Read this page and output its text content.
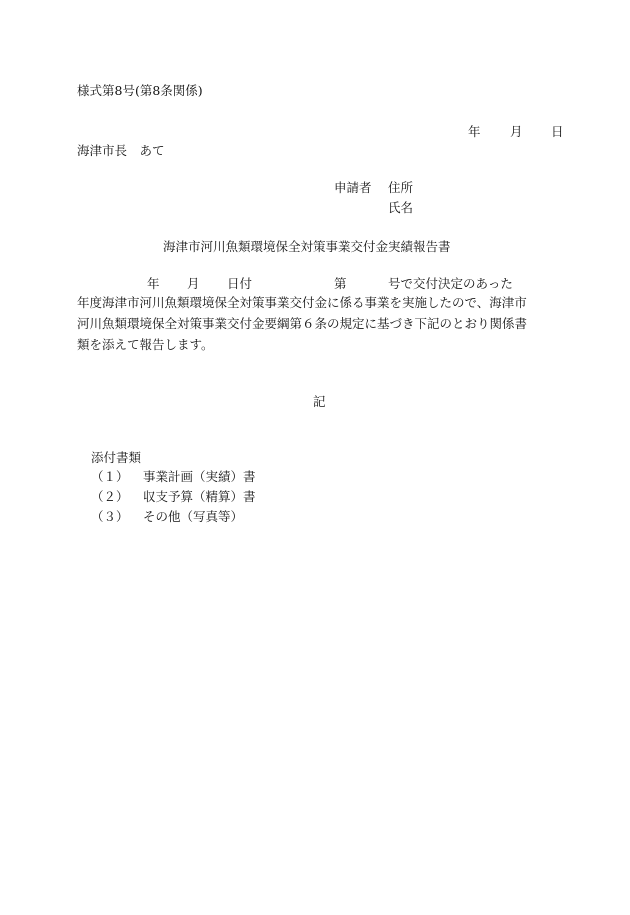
様式第8号(第8条関係)
年 月 日
海津市長　あて
申請者 住所
氏名
海津市河川魚類環境保全対策事業交付金実績報告書
年 月 日付	第	号で交付決定のあった
年度海津市河川魚類環境保全対策事業交付金に係る事業を実施したので、海津市
河川魚類環境保全対策事業交付金要綱第６条の規定に基づき下記のとおり関係書
類を添えて報告します。
記
添付書類
（１） 事業計画（実績）書
（２） 収支予算（精算）書
（３） その他（写真等）
